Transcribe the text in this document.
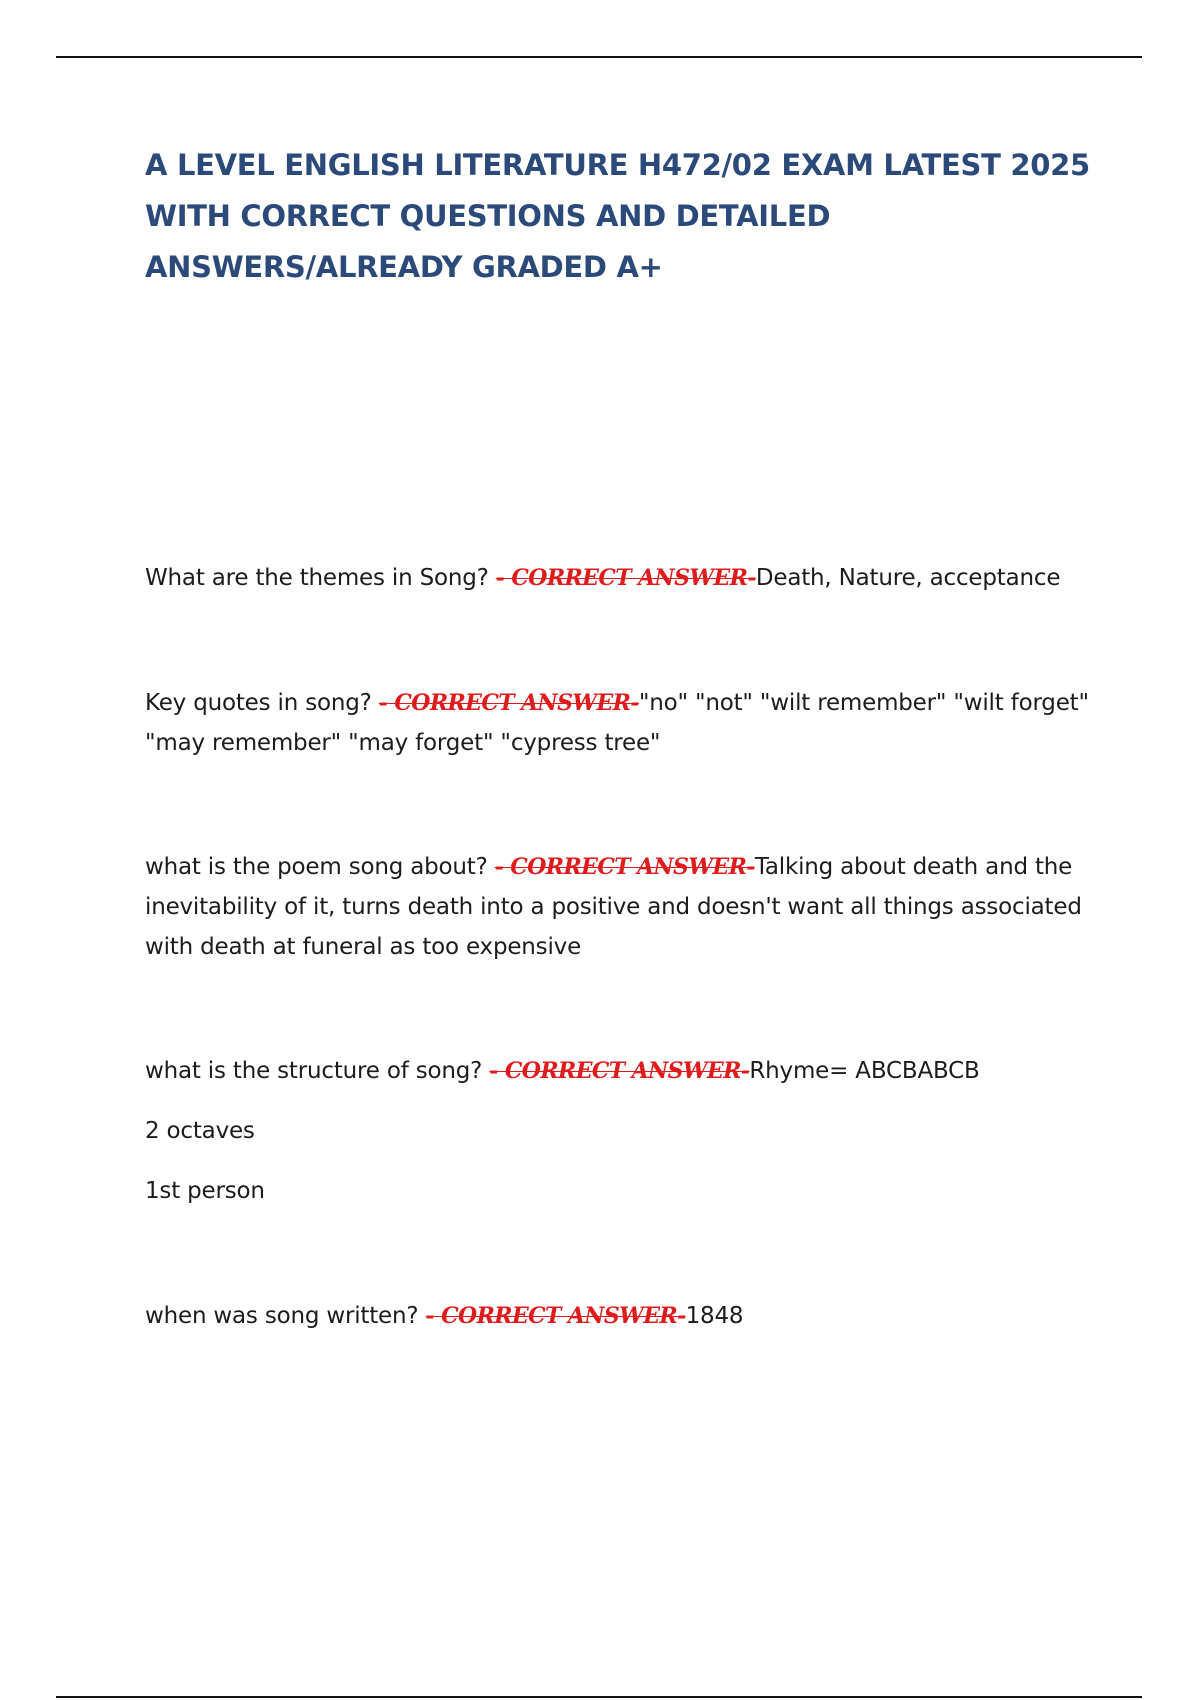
A LEVEL ENGLISH LITERATURE H472/02 EXAM LATEST 2025 WITH CORRECT QUESTIONS AND DETAILED ANSWERS/ALREADY GRADED A+

What are the themes in Song? - CORRECT ANSWER-Death, Nature, acceptance

Key quotes in song? - CORRECT ANSWER-"no" "not" "wilt remember" "wilt forget" "may remember" "may forget" "cypress tree"

what is the poem song about? - CORRECT ANSWER-Talking about death and the inevitability of it, turns death into a positive and doesn't want all things associated with death at funeral as too expensive

what is the structure of song? - CORRECT ANSWER-Rhyme= ABCBABCB

2 octaves

1st person

when was song written? - CORRECT ANSWER-1848
